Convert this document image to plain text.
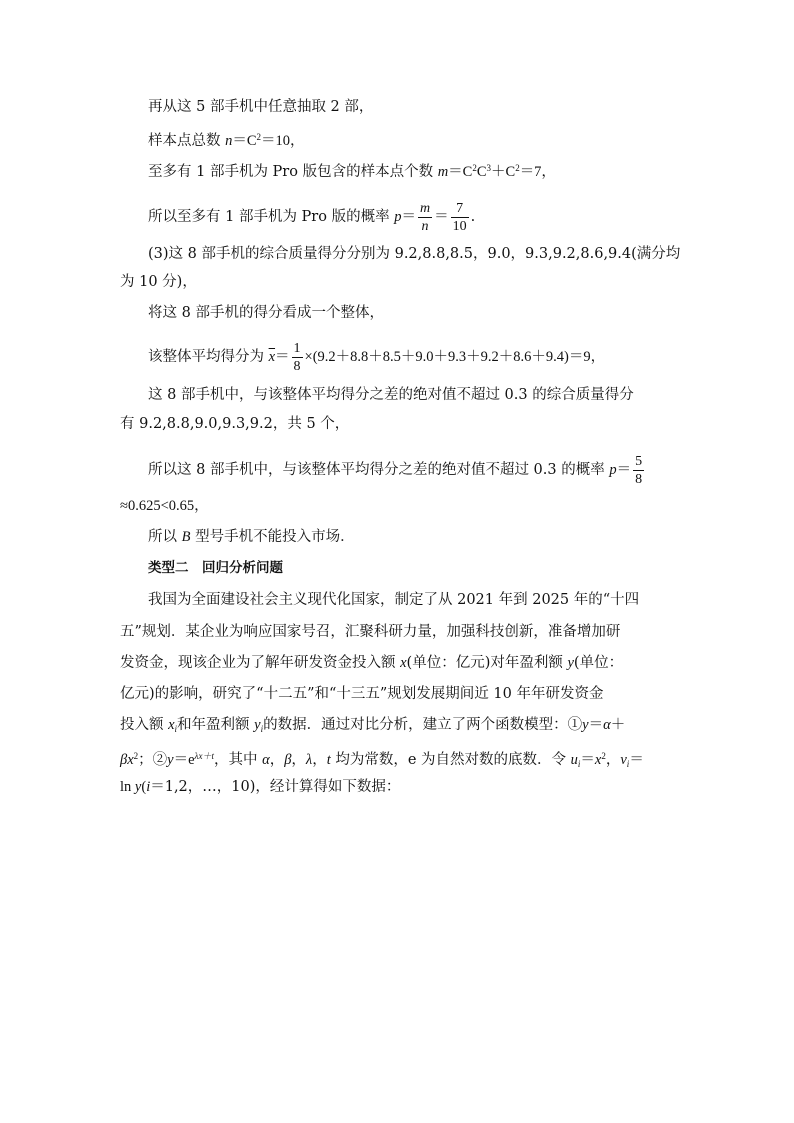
再从这 5 部手机中任意抽取 2 部，
样本点总数 $n=C^2=10$，
至多有 1 部手机为 Pro 版包含的样本点个数 $m=C^2C^3+C^2=7$，
所以至多有 1 部手机为 Pro 版的概率 $p= \frac{m}{n} = \frac{7}{10}$ .
(3)这 8 部手机的综合质量得分分别为 9.2,8.8,8.5，9.0，9.3,9.2,8.6,9.4(满分均
为 10 分)，
将这 8 部手机的得分看成一个整体，
该整体平均得分为 $\overline{x}= \frac{1}{8} \times(9.2+8.8+8.5+9.0+9.3+9.2+8.6+9.4)=9$，
这 8 部手机中，与该整体平均得分之差的绝对值不超过 0.3 的综合质量得分
有 9.2,8.8,9.0,9.3,9.2，共 5 个，
所以这 8 部手机中，与该整体平均得分之差的绝对值不超过 0.3 的概率 $p= \frac{5}{8}$
≈0.625<0.65，
所以 B 型号手机不能投入市场．
类型二　回归分析问题
我国为全面建设社会主义现代化国家，制定了从 2021 年到 2025 年的“十四
五”规划．某企业为响应国家号召，汇聚科研力量，加强科技创新，准备增加研
发资金，现该企业为了解年研发资金投入额 x(单位：亿元)对年盈利额 y(单位：
亿元)的影响，研究了“十二五”和“十三五”规划发展期间近 10 年年研发资金
投入额 $x_i$和年盈利额 $y_i$的数据．通过对比分析，建立了两个函数模型：①y＝α＋
$\beta x^2$；$②y=e^{\lambda x+t}$，其中 α，β，λ，t 均为常数，e 为自然对数的底数．令 $u_i=x^2$，$v_i=$
ln y(i＝1,2，…，10)，经计算得如下数据：
